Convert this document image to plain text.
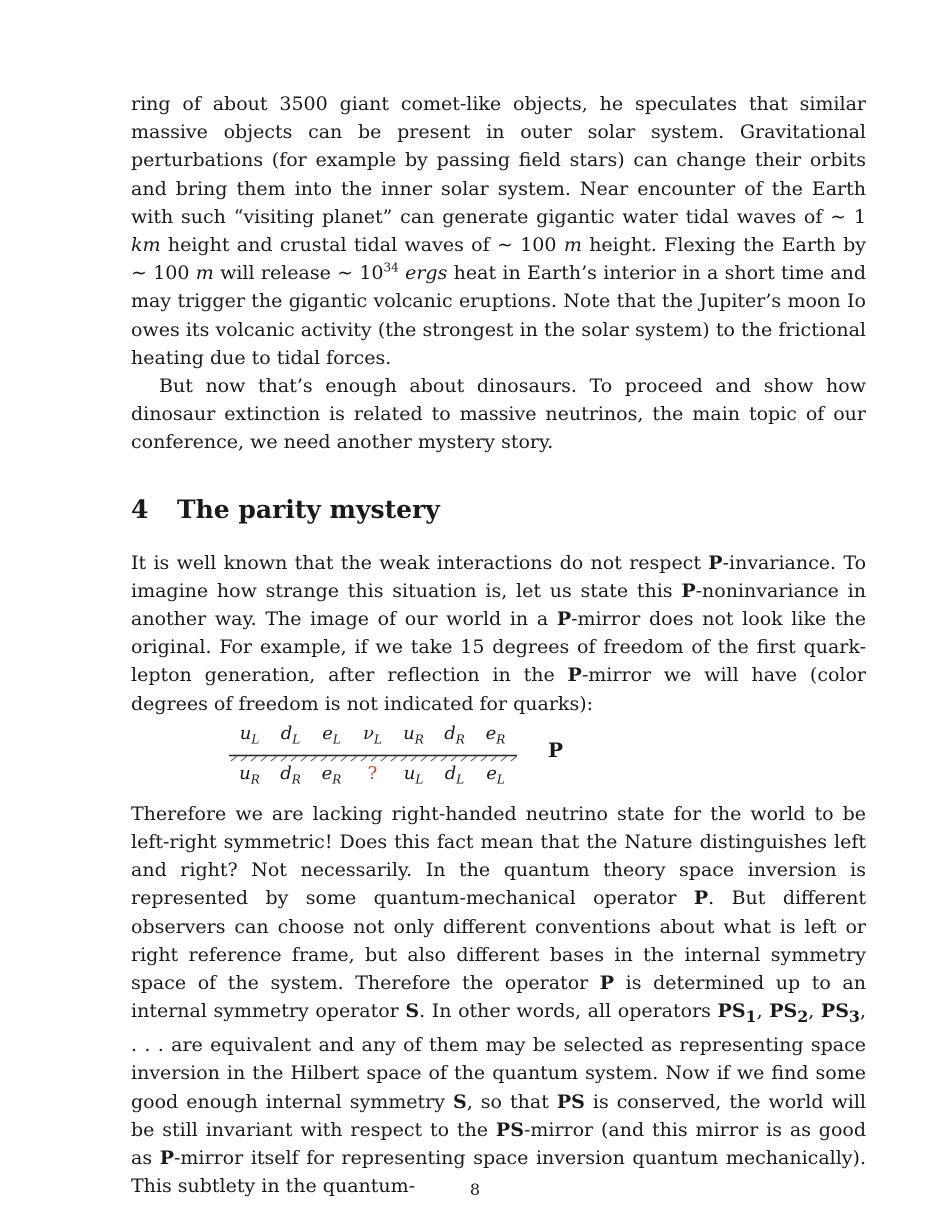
ring of about 3500 giant comet-like objects, he speculates that similar massive objects can be present in outer solar system. Gravitational perturbations (for example by passing field stars) can change their orbits and bring them into the inner solar system. Near encounter of the Earth with such “visiting planet” can generate gigantic water tidal waves of ∼ 1 km height and crustal tidal waves of ∼ 100 m height. Flexing the Earth by ∼ 100 m will release ∼ $10^{34}$ ergs heat in Earth’s interior in a short time and may trigger the gigantic volcanic eruptions. Note that the Jupiter’s moon Io owes its volcanic activity (the strongest in the solar system) to the frictional heating due to tidal forces.

But now that’s enough about dinosaurs. To proceed and show how dinosaur extinction is related to massive neutrinos, the main topic of our conference, we need another mystery story.

4 The parity mystery

It is well known that the weak interactions do not respect P-invariance. To imagine how strange this situation is, let us state this P-noninvariance in another way. The image of our world in a P-mirror does not look like the original. For example, if we take 15 degrees of freedom of the first quark-lepton generation, after reflection in the P-mirror we will have (color degrees of freedom is not indicated for quarks):

$u_L$ $d_L$ $e_L$ $\nu_L$ $u_R$ $d_R$ $e_R$	P
$u_R$ $d_R$ $e_R$ ? $u_L$ $d_L$ $e_L$

Therefore we are lacking right-handed neutrino state for the world to be left-right symmetric! Does this fact mean that the Nature distinguishes left and right? Not necessarily. In the quantum theory space inversion is represented by some quantum-mechanical operator P. But different observers can choose not only different conventions about what is left or right reference frame, but also different bases in the internal symmetry space of the system. Therefore the operator P is determined up to an internal symmetry operator S. In other words, all operators $PS_1$, $PS_2$, $PS_3$, . . . are equivalent and any of them may be selected as representing space inversion in the Hilbert space of the quantum system. Now if we find some good enough internal symmetry S, so that PS is conserved, the world will be still invariant with respect to the PS-mirror (and this mirror is as good as P-mirror itself for representing space inversion quantum mechanically). This subtlety in the quantum-	8
